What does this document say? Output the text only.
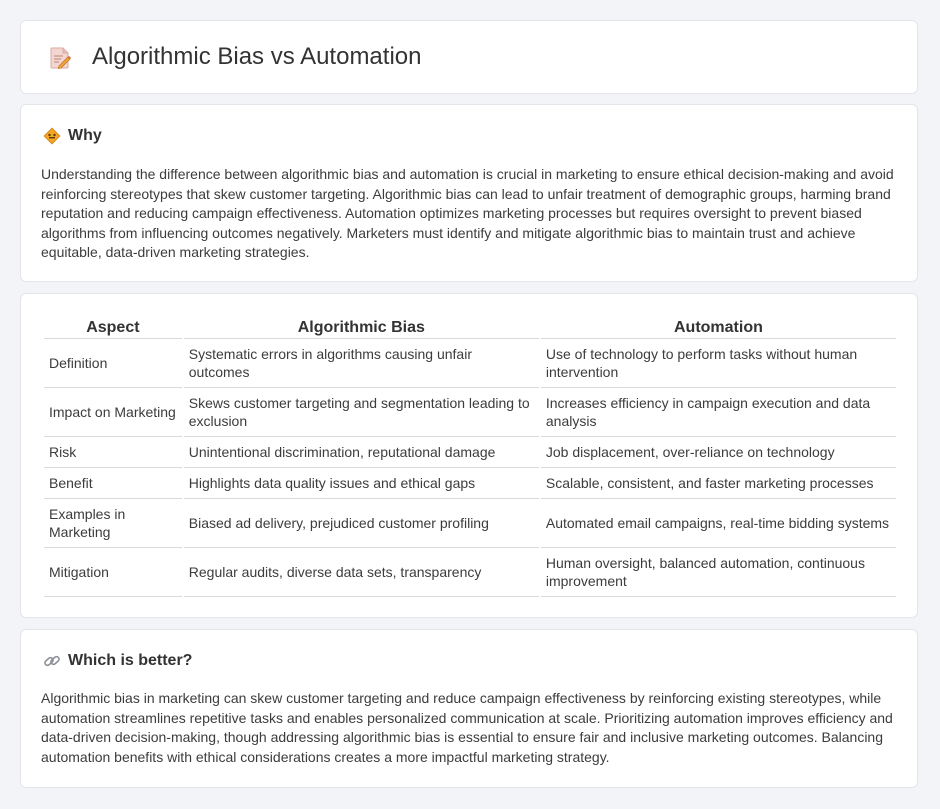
Algorithmic Bias vs Automation
Why

Understanding the difference between algorithmic bias and automation is crucial in marketing to ensure ethical decision-making and avoid reinforcing stereotypes that skew customer targeting. Algorithmic bias can lead to unfair treatment of demographic groups, harming brand reputation and reducing campaign effectiveness. Automation optimizes marketing processes but requires oversight to prevent biased algorithms from influencing outcomes negatively. Marketers must identify and mitigate algorithmic bias to maintain trust and achieve equitable, data-driven marketing strategies.

Aspect	Algorithmic Bias	Automation
Definition	Systematic errors in algorithms causing unfair outcomes	Use of technology to perform tasks without human intervention
Impact on Marketing	Skews customer targeting and segmentation leading to exclusion	Increases efficiency in campaign execution and data analysis
Risk	Unintentional discrimination, reputational damage	Job displacement, over-reliance on technology
Benefit	Highlights data quality issues and ethical gaps	Scalable, consistent, and faster marketing processes
Examples in Marketing	Biased ad delivery, prejudiced customer profiling	Automated email campaigns, real-time bidding systems
Mitigation	Regular audits, diverse data sets, transparency	Human oversight, balanced automation, continuous improvement
Which is better?

Algorithmic bias in marketing can skew customer targeting and reduce campaign effectiveness by reinforcing existing stereotypes, while automation streamlines repetitive tasks and enables personalized communication at scale. Prioritizing automation improves efficiency and data-driven decision-making, though addressing algorithmic bias is essential to ensure fair and inclusive marketing outcomes. Balancing automation benefits with ethical considerations creates a more impactful marketing strategy.
